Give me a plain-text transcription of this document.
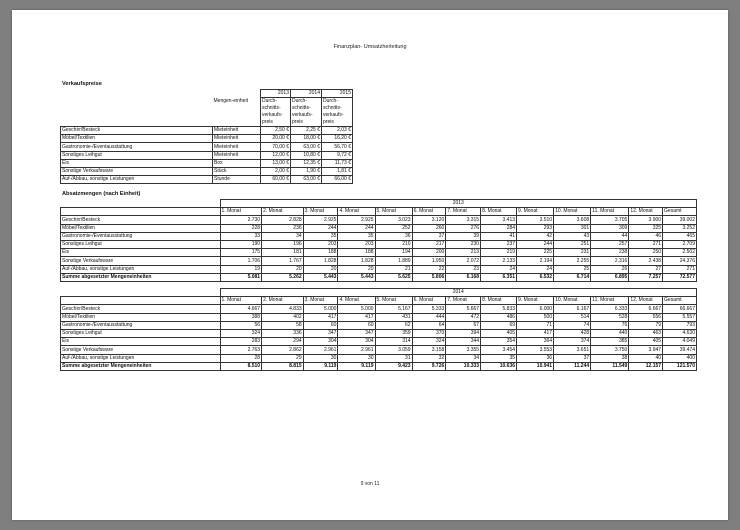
Finanzplan- Umsatzherleitung
Verkaufspreise
		2013	2014	2015
	Mengen-einheit	Durch-	Durch-	Durch-
		schnitts-	schnitts-	schnitts-
		verkaufs-	verkaufs-	verkaufs-
		preis	preis	preis
Geschirr/Besteck	Mieteinheit	2,50 €	2,25 €	2,03 €
Möbel/Textilien	Mieteinheit	20,00 €	18,00 €	16,20 €
Gastronomie-/Eventausstattung	Mieteinheit	70,00 €	63,00 €	56,70 €
Sonstiges Leihgut	Mieteinheit	12,00 €	10,80 €	9,72 €
Eis	Box	13,00 €	12,35 €	11,73 €
Sonstige Verkaufsware	Stück	2,00 €	1,90 €	1,81 €
Auf-/Abbau, sonstige Leistungen	Stunde	60,00 €	63,00 €	66,00 €
Absatzmengen (nach Einheit)
	2013												
	1. Monat	2. Monat	3. Monat	4. Monat	5. Monat	6. Monat	7. Monat	8. Monat	9. Monat	10. Monat	11. Monat	12. Monat	Gesamt
Geschirr/Besteck	2.730	2.828	2.925	2.925	3.023	3.120	3.315	3.413	3.510	3.608	3.705	3.900	39.002
Möbel/Textilien	228	236	244	244	252	260	276	284	293	301	309	325	3.252
Gastronomie-/Eventausstattung	33	34	35	35	36	37	39	41	42	43	44	46	465
Sonstiges Leihgut	190	196	203	203	210	217	230	237	244	251	257	271	2.709
Eis	175	181	188	188	194	200	213	219	225	231	238	250	2.502
Sonstige Verkaufsware	1.706	1.767	1.828	1.828	1.889	1.950	2.072	2.133	2.194	2.255	2.316	2.438	24.376
Auf-/Abbau, sonstige Leistungen	19	20	20	20	21	22	23	24	24	25	26	27	271
Summe abgesetzter Mengeneinheiten	5.081	5.262	5.443	5.443	5.625	5.806	6.168	6.351	6.532	6.714	6.895	7.257	72.577
	2014												
	1. Monat	2. Monat	3. Monat	4. Monat	5. Monat	6. Monat	7. Monat	8. Monat	9. Monat	10. Monat	11. Monat	12. Monat	Gesamt
Geschirr/Besteck	4.667	4.833	5.000	5.000	5.167	5.333	5.667	5.833	6.000	6.167	6.333	6.667	66.667
Möbel/Textilien	388	402	417	417	431	444	472	486	500	514	528	556	5.557
Gastronomie-/Eventausstattung	56	58	60	60	62	64	67	69	71	74	76	79	793
Sonstiges Leihgut	324	336	347	347	359	370	394	405	417	428	440	463	4.630
Eis	283	294	304	304	314	324	344	354	364	374	385	405	4.049
Sonstige Verkaufsware	2.763	2.862	2.961	2.961	3.059	3.158	3.355	3.454	3.553	3.651	3.750	3.947	39.474
Auf-/Abbau, sonstige Leistungen	28	29	30	30	31	32	34	35	36	37	38	40	400
Summe abgesetzter Mengeneinheiten	8.510	8.815	9.119	9.119	9.423	9.726	10.333	10.636	10.941	11.244	11.549	12.157	121.570
9 von 11
